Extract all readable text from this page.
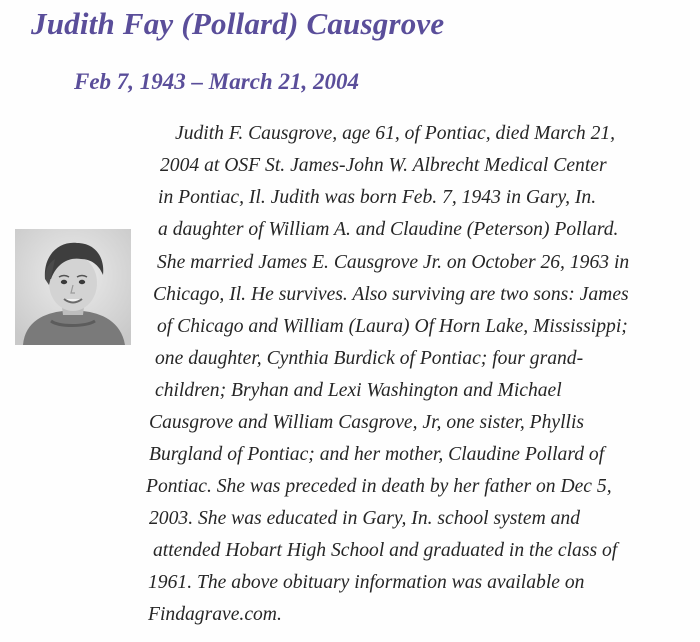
Judith Fay (Pollard) Causgrove
Feb 7, 1943 – March 21, 2004

Judith F. Causgrove, age 61, of Pontiac, died March 21,

2004 at OSF St. James-John W. Albrecht Medical Center

in Pontiac, Il. Judith was born Feb. 7, 1943 in Gary, In.

a daughter of William A. and Claudine (Peterson) Pollard.

She married James E. Causgrove Jr. on October 26, 1963 in

Chicago, Il. He survives. Also surviving are two sons: James

of Chicago and William (Laura) Of Horn Lake, Mississippi;

one daughter, Cynthia Burdick of Pontiac; four grand-

children; Bryhan and Lexi Washington and Michael

Causgrove and William Casgrove, Jr, one sister, Phyllis

Burgland of Pontiac; and her mother, Claudine Pollard of

Pontiac. She was preceded in death by her father on Dec 5,

2003. She was educated in Gary, In. school system and

attended Hobart High School and graduated in the class of

1961. The above obituary information was available on

Findagrave.com.
